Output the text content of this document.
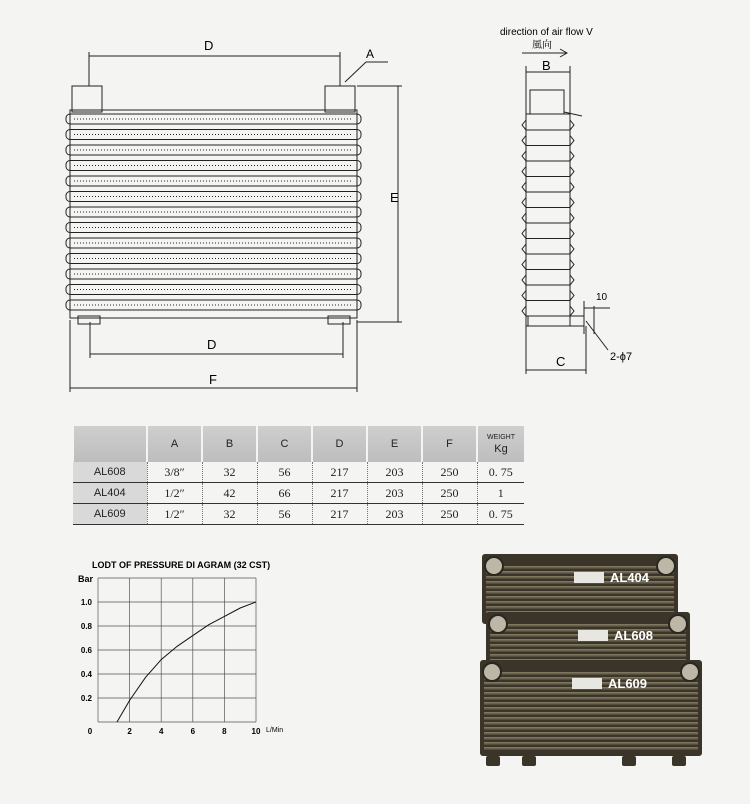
D
A
E
D
F
direction of air flow V
風向
B
10
2-ϕ7
C
	A	B	C	D	E	F	WEIGHT
Kg

AL608	3/8″	32	56	217	203	250	0. 75
AL404	1/2″	42	66	217	203	250	1
AL609	1/2″	32	56	217	203	250	0. 75
LODT OF PRESSURE DI AGRAM (32 CST)
Bar
L/Min
0.2
0.4
0.6
0.8
1.0
0	2	4	6	8	10
AL404
AL608
AL609
